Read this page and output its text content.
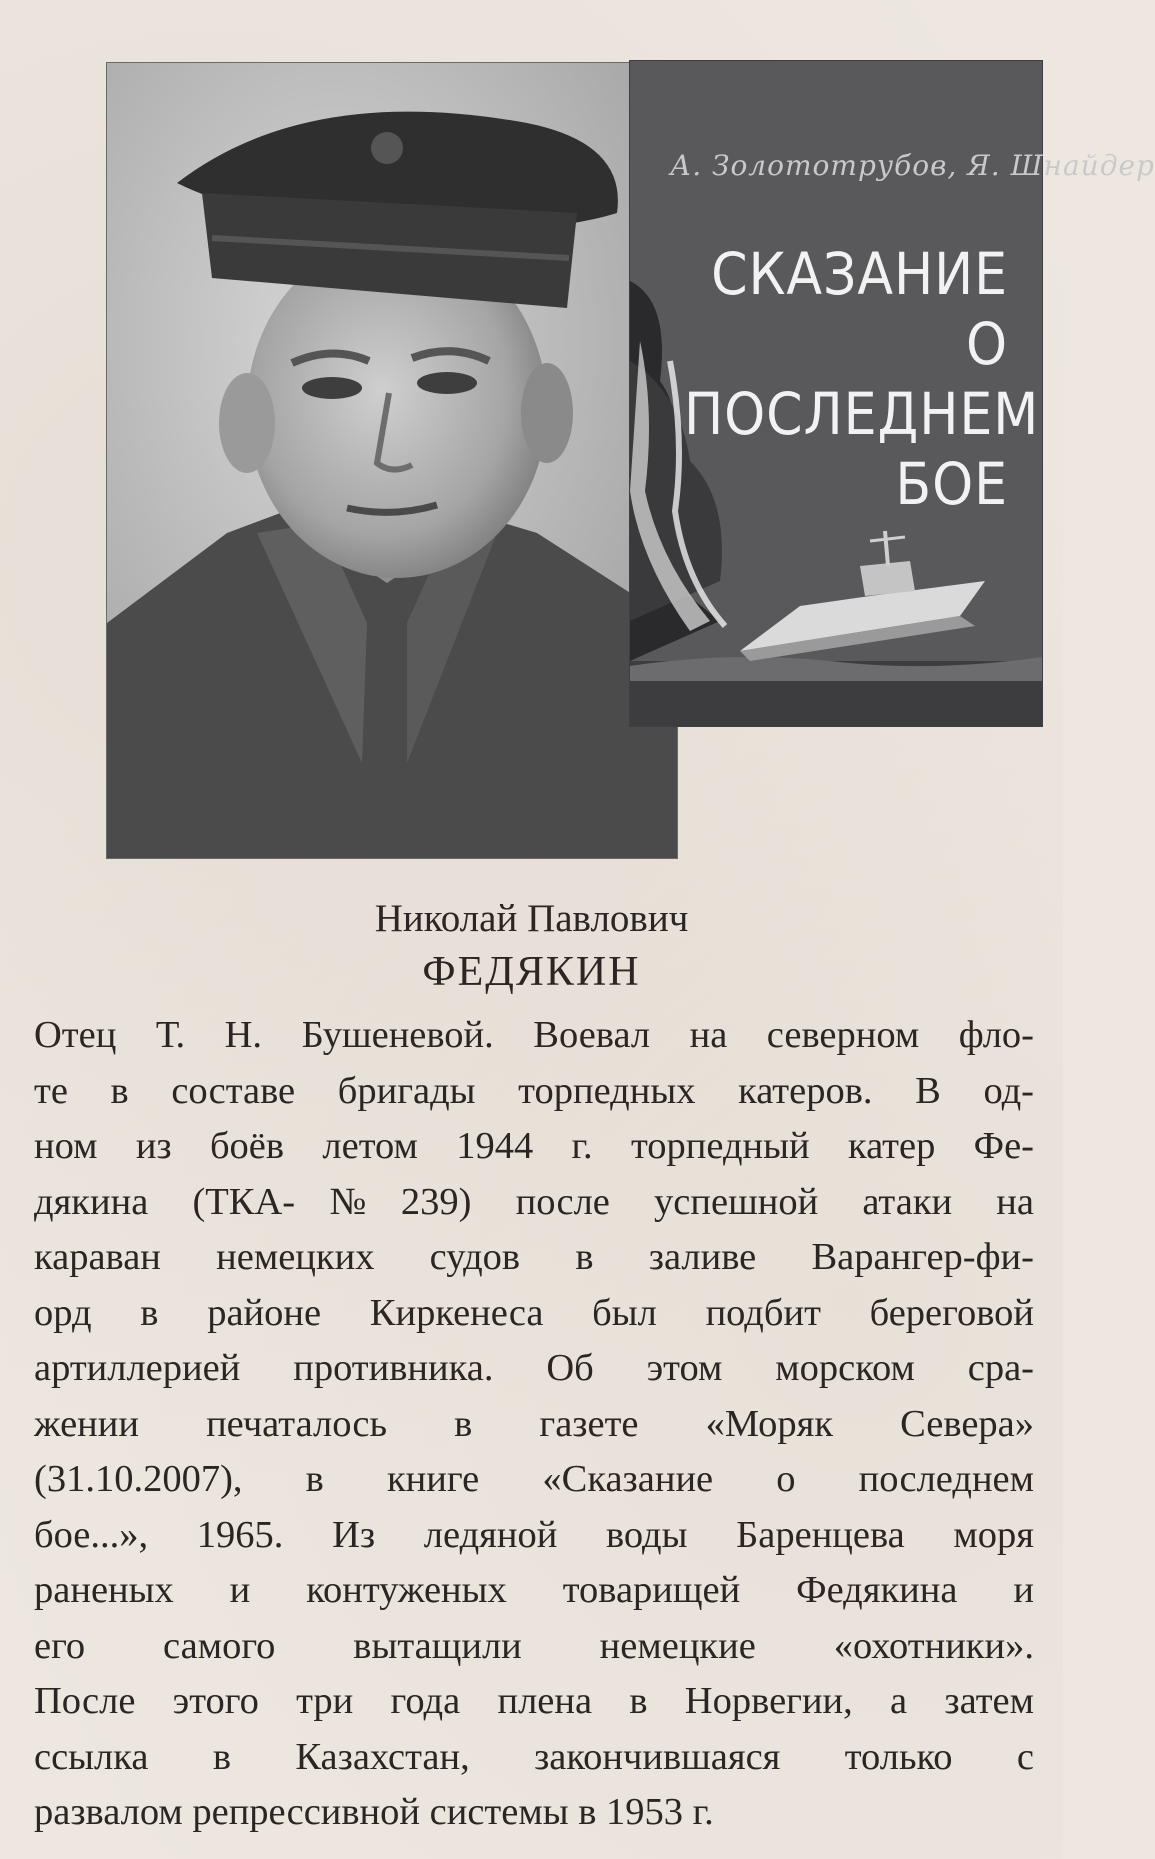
А. Золототрубов, Я. Шнайдер
СКАЗАНИЕ
О ПОСЛЕДНЕМ
БОЕ
Николай Павлович
ФЕДЯКИН
Отец Т. Н. Бушеневой. Воевал на северном фло-
те в составе бригады торпедных катеров. В од-
ном из боёв летом 1944 г. торпедный катер Фе-
дякина (ТКА-№239) после успешной атаки на
караван немецких судов в заливе Варангер-фи-
орд в районе Киркенеса был подбит береговой
артиллерией противника. Об этом морском сра-
жении печаталось в газете «Моряк Севера»
(31.10.2007), в книге «Сказание о последнем
бое...», 1965. Из ледяной воды Баренцева моря
раненых и контуженых товарищей Федякина и
его самого вытащили немецкие «охотники».
После этого три года плена в Норвегии, а затем
ссылка в Казахстан, закончившаяся только с
развалом репрессивной системы в 1953 г.
